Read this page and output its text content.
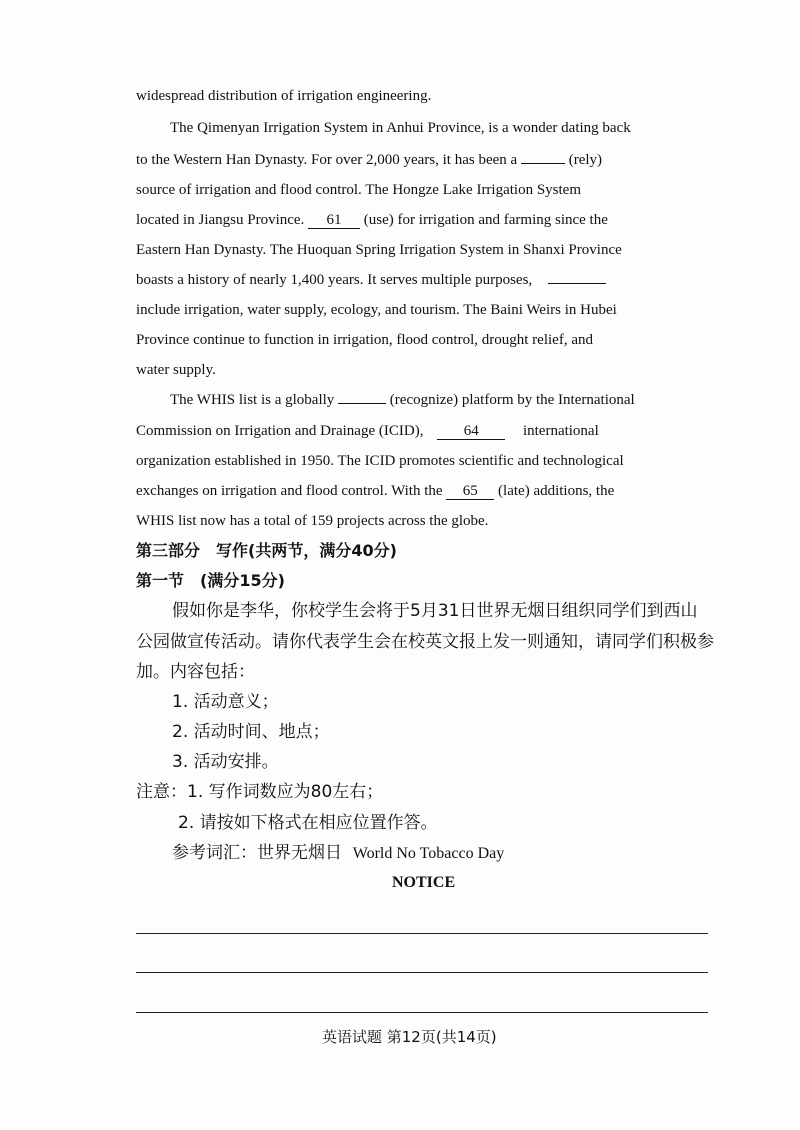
widespread distribution of irrigation engineering.
The Qimenyan Irrigation System in Anhui Province, is a wonder dating back
to the Western Han Dynasty. For over 2,000 years, it has been a	(rely)
source of irrigation and flood control. The Hongze Lake Irrigation System
located in Jiangsu Province. 61 (use) for irrigation and farming since the
Eastern Han Dynasty. The Huoquan Spring Irrigation System in Shanxi Province
boasts a history of nearly 1,400 years. It serves multiple purposes,
include irrigation, water supply, ecology, and tourism. The Baini Weirs in Hubei
Province continue to function in irrigation, flood control, drought relief, and
water supply.
The WHIS list is a globally	(recognize) platform by the International
Commission on Irrigation and Drainage (ICID),	64	international
organization established in 1950. The ICID promotes scientific and technological
exchanges on irrigation and flood control. With the 65 (late) additions, the
WHIS list now has a total of 159 projects across the globe.
第三部分　写作(共两节，满分40分)
第一节　(满分15分)
假如你是李华，你校学生会将于5月31日世界无烟日组织同学们到西山
公园做宣传活动。请你代表学生会在校英文报上发一则通知，请同学们积极参
加。内容包括：
1. 活动意义；
2. 活动时间、地点；
3. 活动安排。
注意：1. 写作词数应为80左右；
2. 请按如下格式在相应位置作答。
参考词汇：世界无烟日 World No Tobacco Day
NOTICE
英语试题 第12页(共14页)
